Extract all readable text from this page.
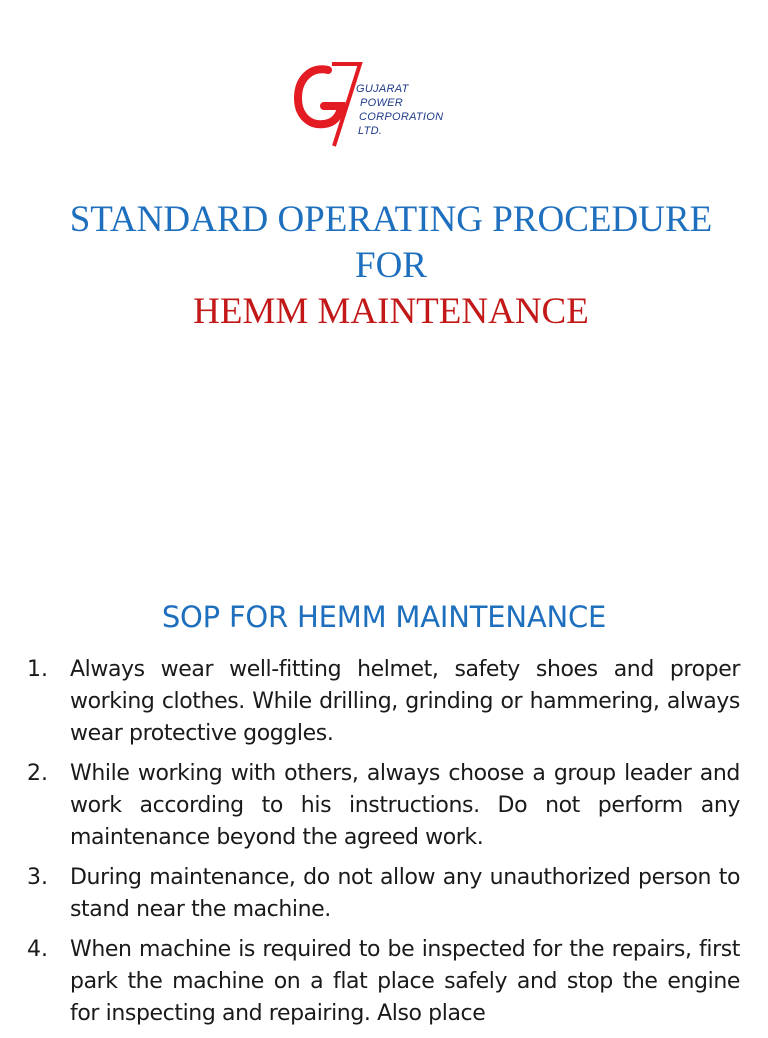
GUJARAT
POWER
CORPORATION
LTD.
STANDARD OPERATING PROCEDURE
FOR
HEMM MAINTENANCE
SOP FOR HEMM MAINTENANCE
1. Always wear well-fitting helmet, safety shoes and proper working clothes. While drilling, grinding or hammering, always wear protective goggles.
2. While working with others, always choose a group leader and work according to his instructions. Do not perform any maintenance beyond the agreed work.
3. During maintenance, do not allow any unauthorized person to stand near the machine.
4. When machine is required to be inspected for the repairs, first park the machine on a flat place safely and stop the engine for inspecting and repairing. Also place
